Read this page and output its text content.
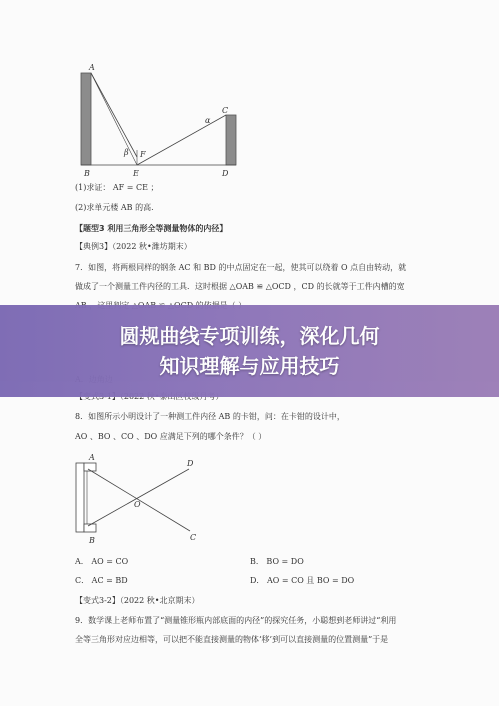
A
B
C
D
E
F
α
β
(1)求证： AF = CE ；
(2)求单元楼 AB 的高.
【题型3 利用三角形全等测量物体的内径】
【典例3】（2022 秋•潍坊期末）
7．如图，将两根同样的钢条 AC 和 BD 的中点固定在一起，使其可以绕着 O 点自由转动，就
做成了一个测量工件内径的工具．这时根据 △OAB ≌ △OCD ，CD 的长就等于工件内槽的宽
8．如图所示小明设计了一种测工件内径 AB 的卡钳，问：在卡钳的设计中，
AO 、BO 、CO 、DO 应满足下列的哪个条件？（ ）
A
B	C
D
O
A． AO = CO	B． BO = DO
C． AC = BD	D． AO = CO 且 BO = DO
【变式3-2】（2022 秋•北京期末）
9．数学课上老师布置了“测量锥形瓶内部底面的内径”的探究任务，小聪想到老师讲过“利用
全等三角形对应边相等，可以把不能直接测量的物体‘移’到可以直接测量的位置测量”于是
圆规曲线专项训练，深化几何
知识理解与应用技巧
